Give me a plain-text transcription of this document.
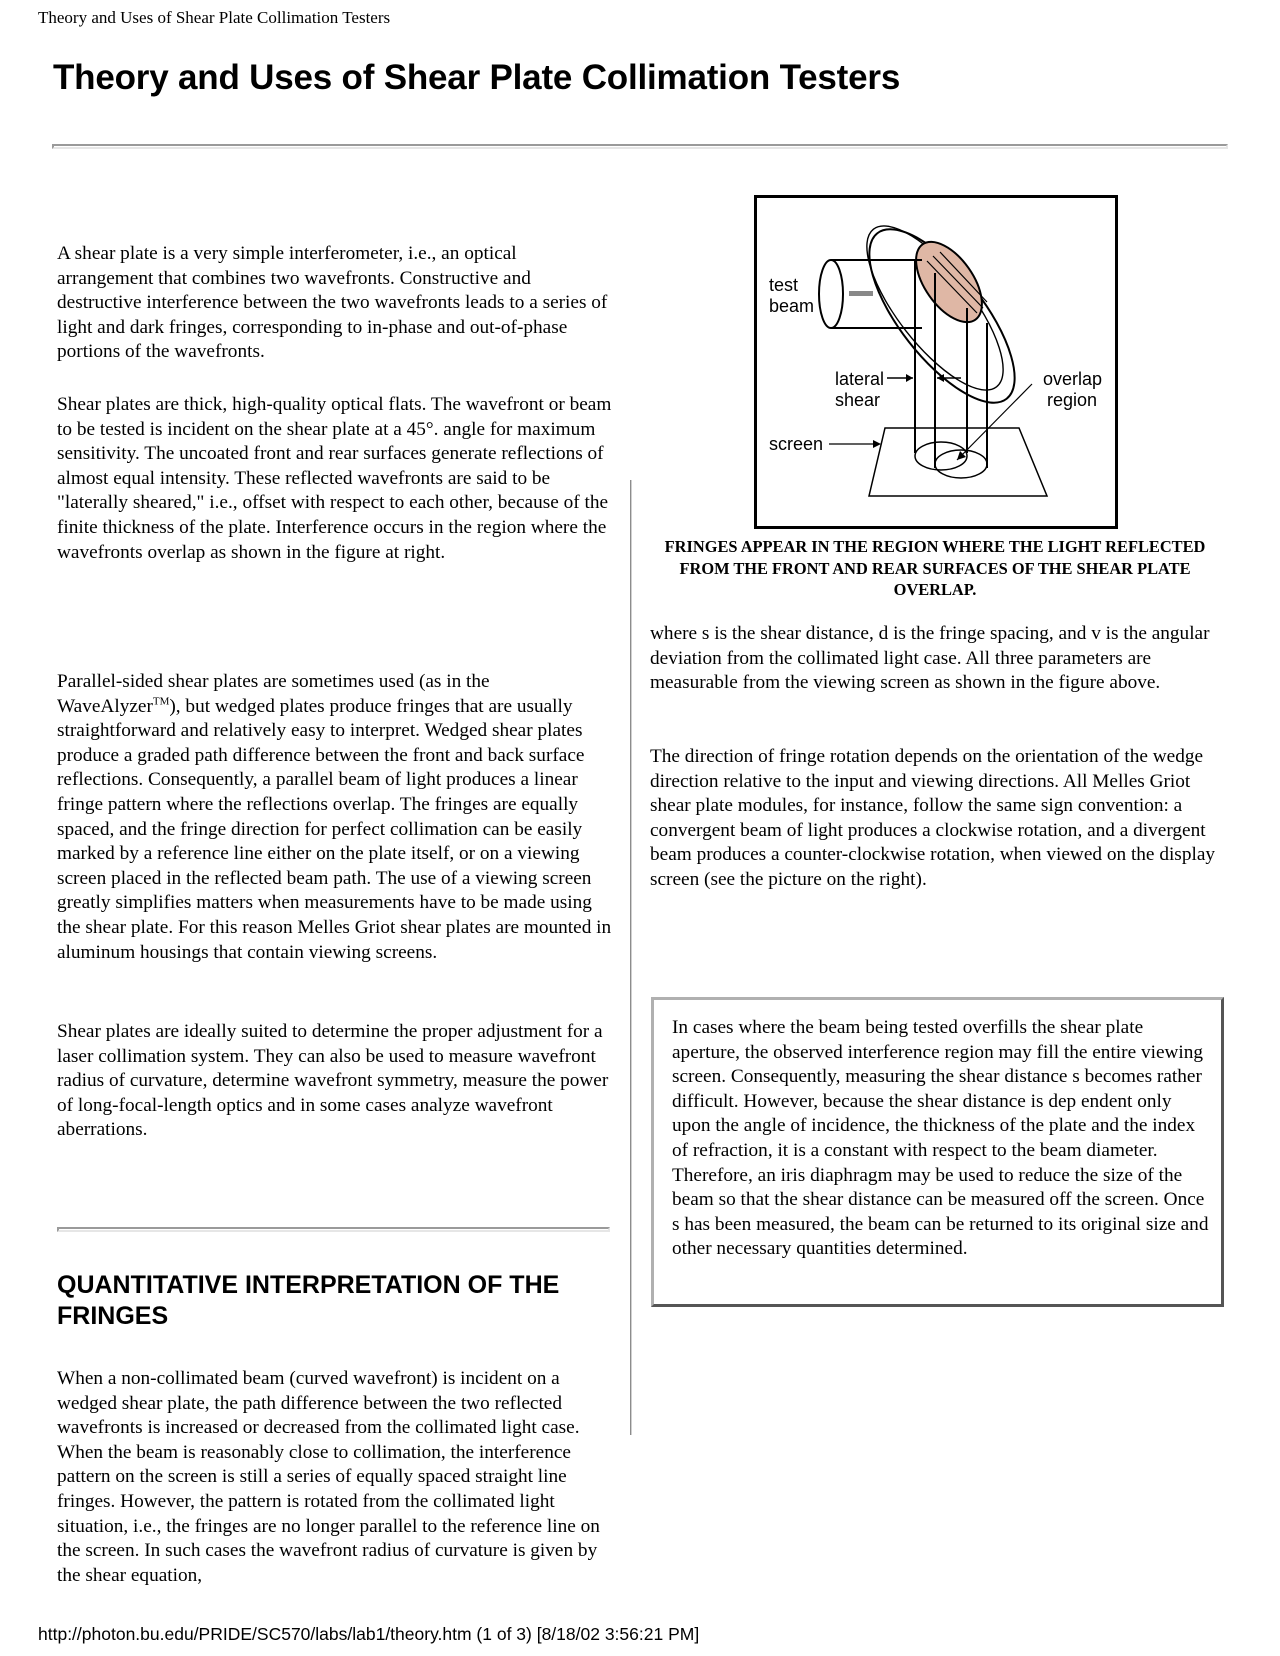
Theory and Uses of Shear Plate Collimation Testers
Theory and Uses of Shear Plate Collimation Testers

A shear plate is a very simple interferometer, i.e., an optical arrangement that combines two wavefronts. Constructive and destructive interference between the two wavefronts leads to a series of light and dark fringes, corresponding to in-phase and out-of-phase portions of the wavefronts.

Shear plates are thick, high-quality optical flats. The wavefront or beam to be tested is incident on the shear plate at a 45°. angle for maximum sensitivity. The uncoated front and rear surfaces generate reflections of almost equal intensity. These reflected wavefronts are said to be "laterally sheared," i.e., offset with respect to each other, because of the finite thickness of the plate. Interference occurs in the region where the wavefronts overlap as shown in the figure at right.

Parallel-sided shear plates are sometimes used (as in the WaveAlyzer™), but wedged plates produce fringes that are usually straightforward and relatively easy to interpret. Wedged shear plates produce a graded path difference between the front and back surface reflections. Consequently, a parallel beam of light produces a linear fringe pattern where the reflections overlap. The fringes are equally spaced, and the fringe direction for perfect collimation can be easily marked by a reference line either on the plate itself, or on a viewing screen placed in the reflected beam path. The use of a viewing screen greatly simplifies matters when measurements have to be made using the shear plate. For this reason Melles Griot shear plates are mounted in aluminum housings that contain viewing screens.

Shear plates are ideally suited to determine the proper adjustment for a laser collimation system. They can also be used to measure wavefront radius of curvature, determine wavefront symmetry, measure the power of long-focal-length optics and in some cases analyze wavefront aberrations.

QUANTITATIVE INTERPRETATION OF THE FRINGES

When a non-collimated beam (curved wavefront) is incident on a wedged shear plate, the path difference between the two reflected wavefronts is increased or decreased from the collimated light case. When the beam is reasonably close to collimation, the interference pattern on the screen is still a series of equally spaced straight line fringes. However, the pattern is rotated from the collimated light situation, i.e., the fringes are no longer parallel to the reference line on the screen. In such cases the wavefront radius of curvature is given by the shear equation,

test
beam
lateral
shear
overlap
region
screen

FRINGES APPEAR IN THE REGION WHERE THE LIGHT REFLECTED FROM THE FRONT AND REAR SURFACES OF THE SHEAR PLATE OVERLAP.

where s is the shear distance, d is the fringe spacing, and v is the angular deviation from the collimated light case. All three parameters are measurable from the viewing screen as shown in the figure above.

The direction of fringe rotation depends on the orientation of the wedge direction relative to the input and viewing directions. All Melles Griot shear plate modules, for instance, follow the same sign convention: a convergent beam of light produces a clockwise rotation, and a divergent beam produces a counter-clockwise rotation, when viewed on the display screen (see the picture on the right).

In cases where the beam being tested overfills the shear plate aperture, the observed interference region may fill the entire viewing screen. Consequently, measuring the shear distance s becomes rather difficult. However, because the shear distance is dep endent only upon the angle of incidence, the thickness of the plate and the index of refraction, it is a constant with respect to the beam diameter. Therefore, an iris diaphragm may be used to reduce the size of the beam so that the shear distance can be measured off the screen. Once s has been measured, the beam can be returned to its original size and other necessary quantities determined.

http://photon.bu.edu/PRIDE/SC570/labs/lab1/theory.htm (1 of 3) [8/18/02 3:56:21 PM]
